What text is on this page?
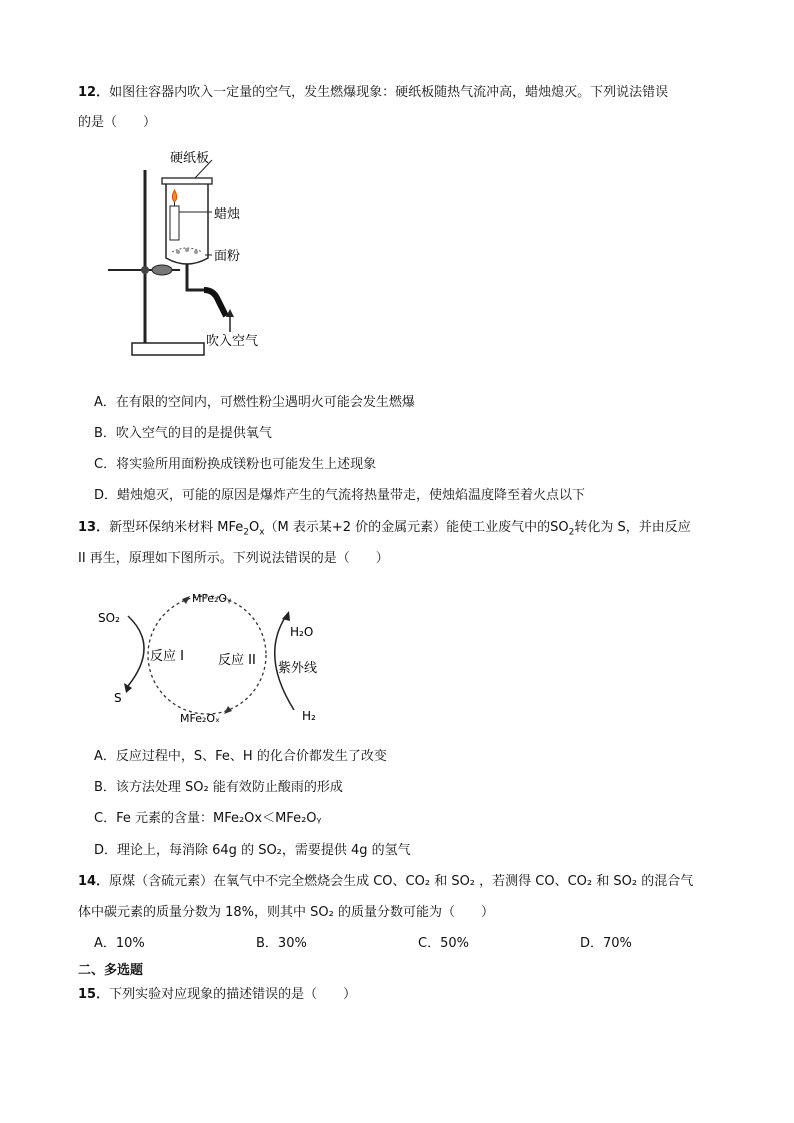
12．如图往容器内吹入一定量的空气，发生燃爆现象：硬纸板随热气流冲高，蜡烛熄灭。下列说法错误
的是（　　）
硬纸板
蜡烛
面粉
吹入空气
A．在有限的空间内，可燃性粉尘遇明火可能会发生燃爆
B．吹入空气的目的是提供氧气
C．将实验所用面粉换成镁粉也可能发生上述现象
D．蜡烛熄灭，可能的原因是爆炸产生的气流将热量带走，使烛焰温度降至着火点以下
13．新型环保纳米材料 $MFe_2O_x(M$ 表示某+2 价的金属元素）能使工业废气中的$SO_2$转化为 S，并由反应
II 再生，原理如下图所示。下列说法错误的是（　　）
SO₂
S
MFe₂Oᵧ
MFe₂Oₓ
反应 I	反应 II
H₂O
紫外线
H₂
A．反应过程中，S、Fe、H 的化合价都发生了改变
B．该方法处理 SO₂ 能有效防止酸雨的形成
C．Fe 元素的含量：MFe₂Ox＜MFe₂Oᵧ
D．理论上，每消除 64g 的 SO₂，需要提供 4g 的氢气
14．原煤（含硫元素）在氧气中不完全燃烧会生成 CO、CO₂ 和 SO₂ ，若测得 CO、CO₂ 和 SO₂ 的混合气
体中碳元素的质量分数为 18%，则其中 SO₂ 的质量分数可能为（　　）
A．10%	B．30%	C．50%	D．70%
二、多选题
15．下列实验对应现象的描述错误的是（　　）
